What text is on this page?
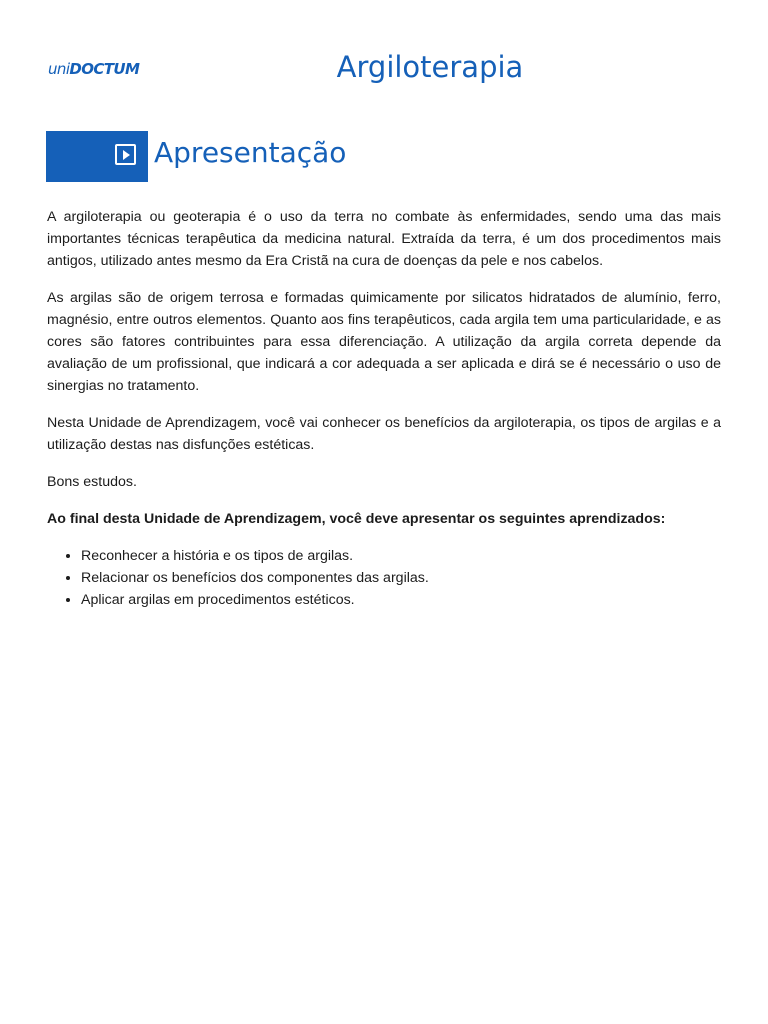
uniDOCTUM	Argiloterapia
Apresentação

A argiloterapia ou geoterapia é o uso da terra no combate às enfermidades, sendo uma das mais importantes técnicas terapêutica da medicina natural. Extraída da terra, é um dos procedimentos mais antigos, utilizado antes mesmo da Era Cristã na cura de doenças da pele e nos cabelos.

As argilas são de origem terrosa e formadas quimicamente por silicatos hidratados de alumínio, ferro, magnésio, entre outros elementos. Quanto aos fins terapêuticos, cada argila tem uma particularidade, e as cores são fatores contribuintes para essa diferenciação. A utilização da argila correta depende da avaliação de um profissional, que indicará a cor adequada a ser aplicada e dirá se é necessário o uso de sinergias no tratamento.

Nesta Unidade de Aprendizagem, você vai conhecer os benefícios da argiloterapia, os tipos de argilas e a utilização destas nas disfunções estéticas.

Bons estudos.

Ao final desta Unidade de Aprendizagem, você deve apresentar os seguintes aprendizados:

• Reconhecer a história e os tipos de argilas.
• Relacionar os benefícios dos componentes das argilas.
• Aplicar argilas em procedimentos estéticos.
